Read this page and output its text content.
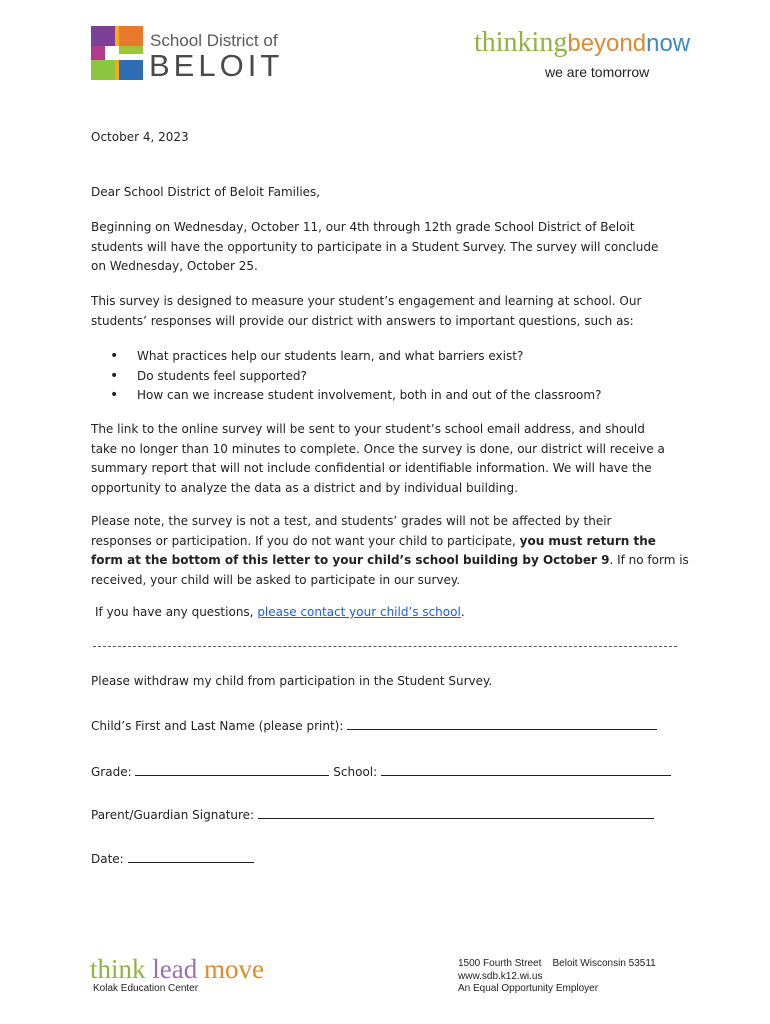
School District of
BELOIT
thinkingbeyondnow
we are tomorrow
October 4, 2023
Dear School District of Beloit Families,
Beginning on Wednesday, October 11, our 4th through 12th grade School District of Beloit
students will have the opportunity to participate in a Student Survey. The survey will conclude
on Wednesday, October 25.
This survey is designed to measure your student’s engagement and learning at school. Our
students’ responses will provide our district with answers to important questions, such as:
• What practices help our students learn, and what barriers exist?
• Do students feel supported?
• How can we increase student involvement, both in and out of the classroom?
The link to the online survey will be sent to your student’s school email address, and should
take no longer than 10 minutes to complete. Once the survey is done, our district will receive a
summary report that will not include confidential or identifiable information. We will have the
opportunity to analyze the data as a district and by individual building.
Please note, the survey is not a test, and students’ grades will not be affected by their
responses or participation. If you do not want your child to participate, you must return the
form at the bottom of this letter to your child’s school building by October 9. If no form is
received, your child will be asked to participate in our survey.
If you have any questions, please contact your child’s school.
Please withdraw my child from participation in the Student Survey.
Child’s First and Last Name (please print):
Grade:	School:
Parent/Guardian Signature:
Date:
think lead move
Kolak Education Center
1500 Fourth Street Beloit Wisconsin 53511
www.sdb.k12.wi.us
An Equal Opportunity Employer
